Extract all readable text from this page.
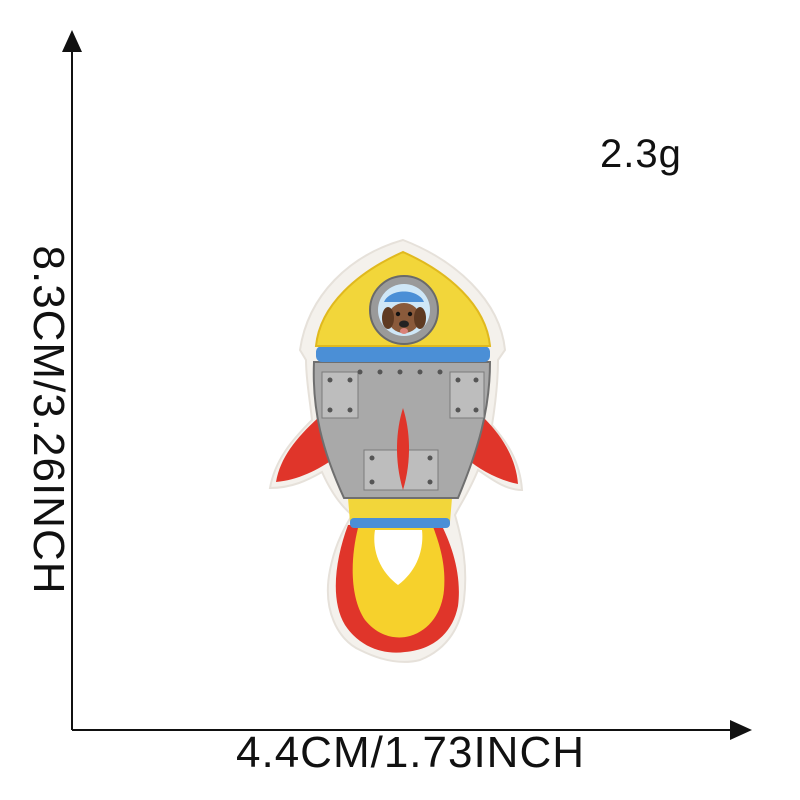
2.3g
4.4CM/1.73INCH
8.3CM/3.26INCH
